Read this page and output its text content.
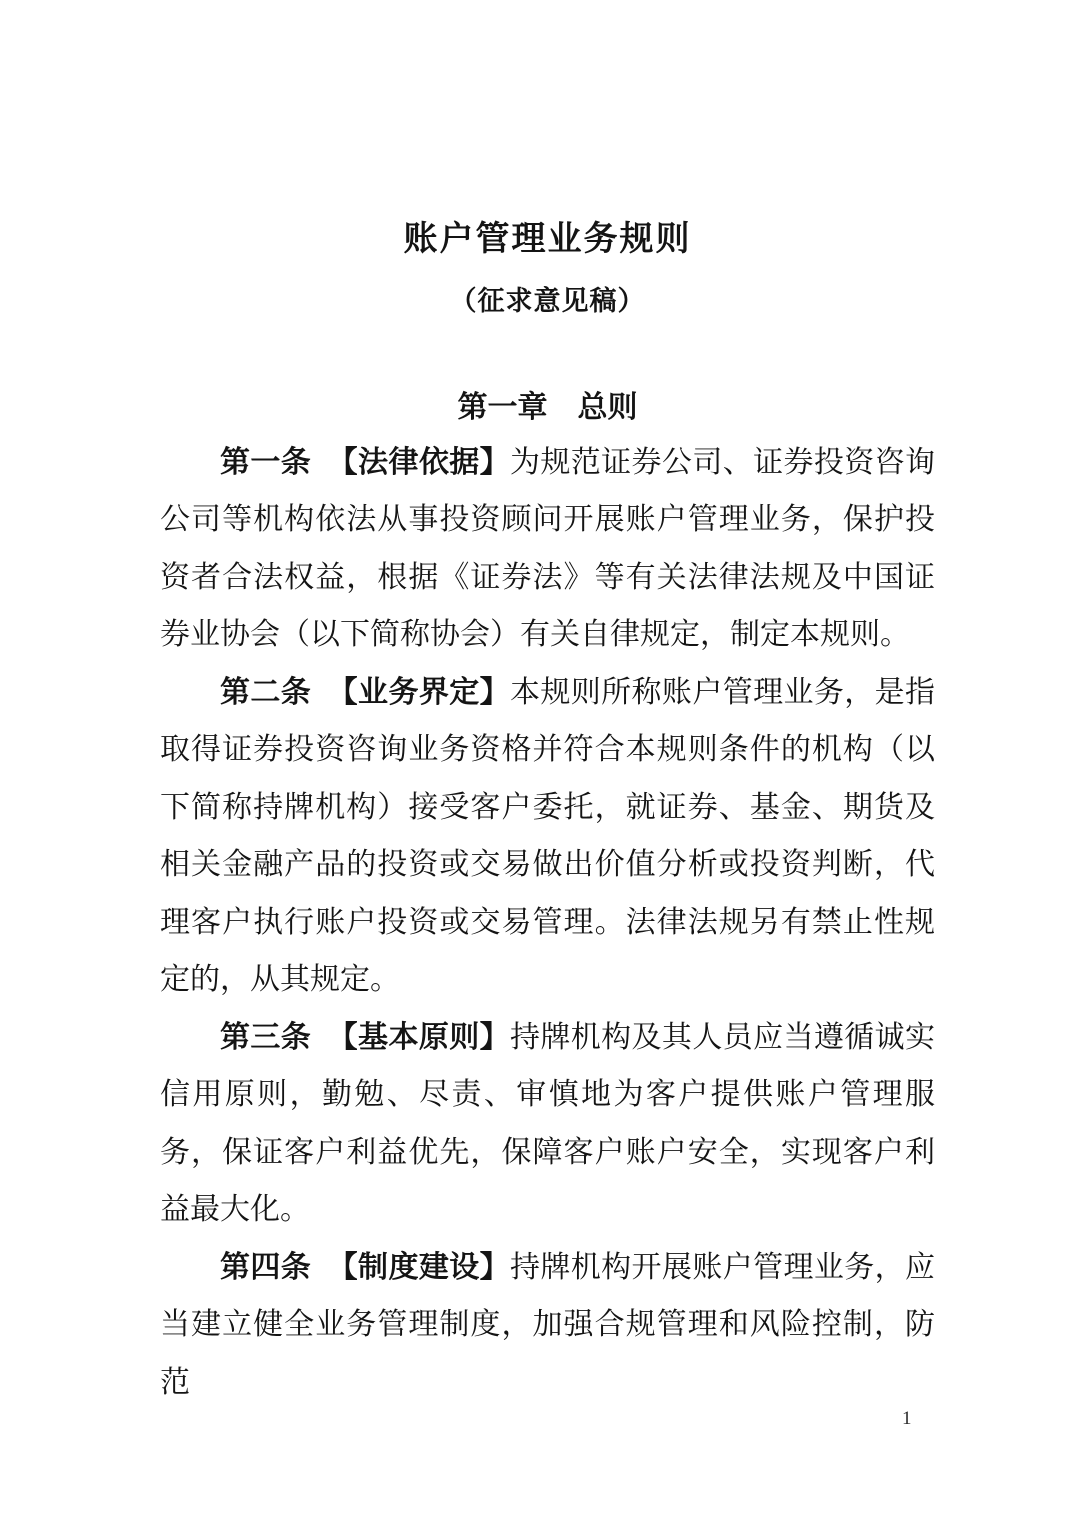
账户管理业务规则
（征求意见稿）
第一章　总则

第一条 【法律依据】为规范证券公司、证券投资咨询公司等机构依法从事投资顾问开展账户管理业务，保护投资者合法权益，根据《证券法》等有关法律法规及中国证券业协会（以下简称协会）有关自律规定，制定本规则。

第二条 【业务界定】本规则所称账户管理业务，是指取得证券投资咨询业务资格并符合本规则条件的机构（以下简称持牌机构）接受客户委托，就证券、基金、期货及相关金融产品的投资或交易做出价值分析或投资判断，代理客户执行账户投资或交易管理。法律法规另有禁止性规定的，从其规定。

第三条 【基本原则】持牌机构及其人员应当遵循诚实信用原则，勤勉、尽责、审慎地为客户提供账户管理服务，保证客户利益优先，保障客户账户安全，实现客户利益最大化。

第四条 【制度建设】持牌机构开展账户管理业务，应当建立健全业务管理制度，加强合规管理和风险控制，防范

1
